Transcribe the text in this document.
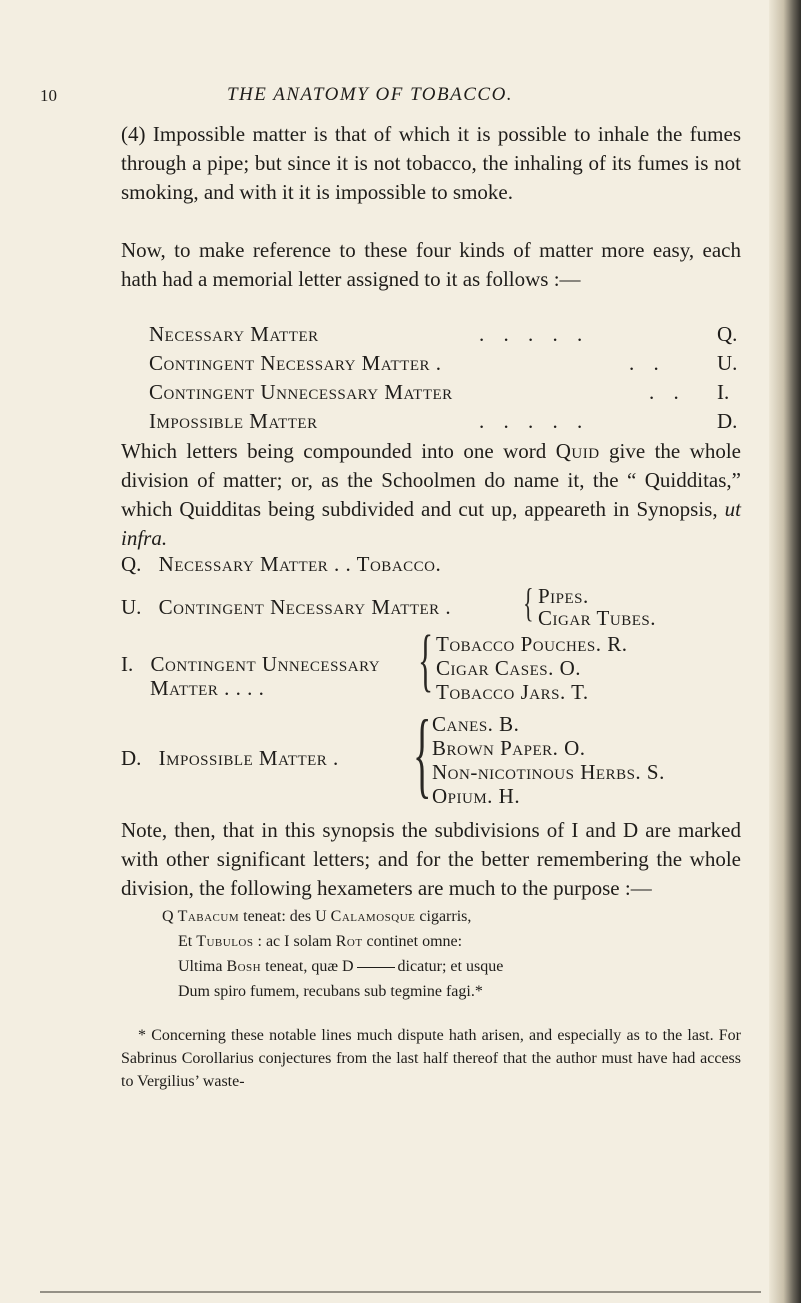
10	THE ANATOMY OF TOBACCO.

(4) Impossible matter is that of which it is possible to inhale the fumes through a pipe; but since it is not tobacco, the inhaling of its fumes is not smoking, and with it it is impossible to smoke.

Now, to make reference to these four kinds of matter more easy, each hath had a memorial letter assigned to it as follows :—

Necessary Matter	. . . . .	Q.
Contingent Necessary Matter .	. . U.
Contingent Unnecessary Matter	. . I.
Impossible Matter	. . . . .	D.

Which letters being compounded into one word Quid give the whole division of matter; or, as the Schoolmen do name it, the “ Quidditas,” which Quidditas being subdivided and cut up, appeareth in Synopsis, ut infra.

Q. Necessary Matter . . Tobacco.
U. Contingent Necessary Matter . { Pipes.
Cigar Tubes.
I. Contingent Unnecessary
Matter . . . . { Tobacco Pouches. R.
Cigar Cases. O.
Tobacco Jars. T.
D. Impossible Matter . { Canes. B.
Brown Paper. O.
Non-nicotinous Herbs. S.
Opium. H.

Note, then, that in this synopsis the subdivisions of I and D are marked with other significant letters; and for the better remembering the whole division, the following hexameters are much to the purpose :—

Q Tabacum teneat: des U Calamosque cigarris,

Et Tubulos : ac I solam Rot continet omne:

Ultima Bosh teneat, quæ D	dicatur; et usque

Dum spiro fumem, recubans sub tegmine fagi.*

* Concerning these notable lines much dispute hath arisen, and especially as to the last. For Sabrinus Corollarius conjectures from the last half thereof that the author must have had access to Vergilius’ waste-
